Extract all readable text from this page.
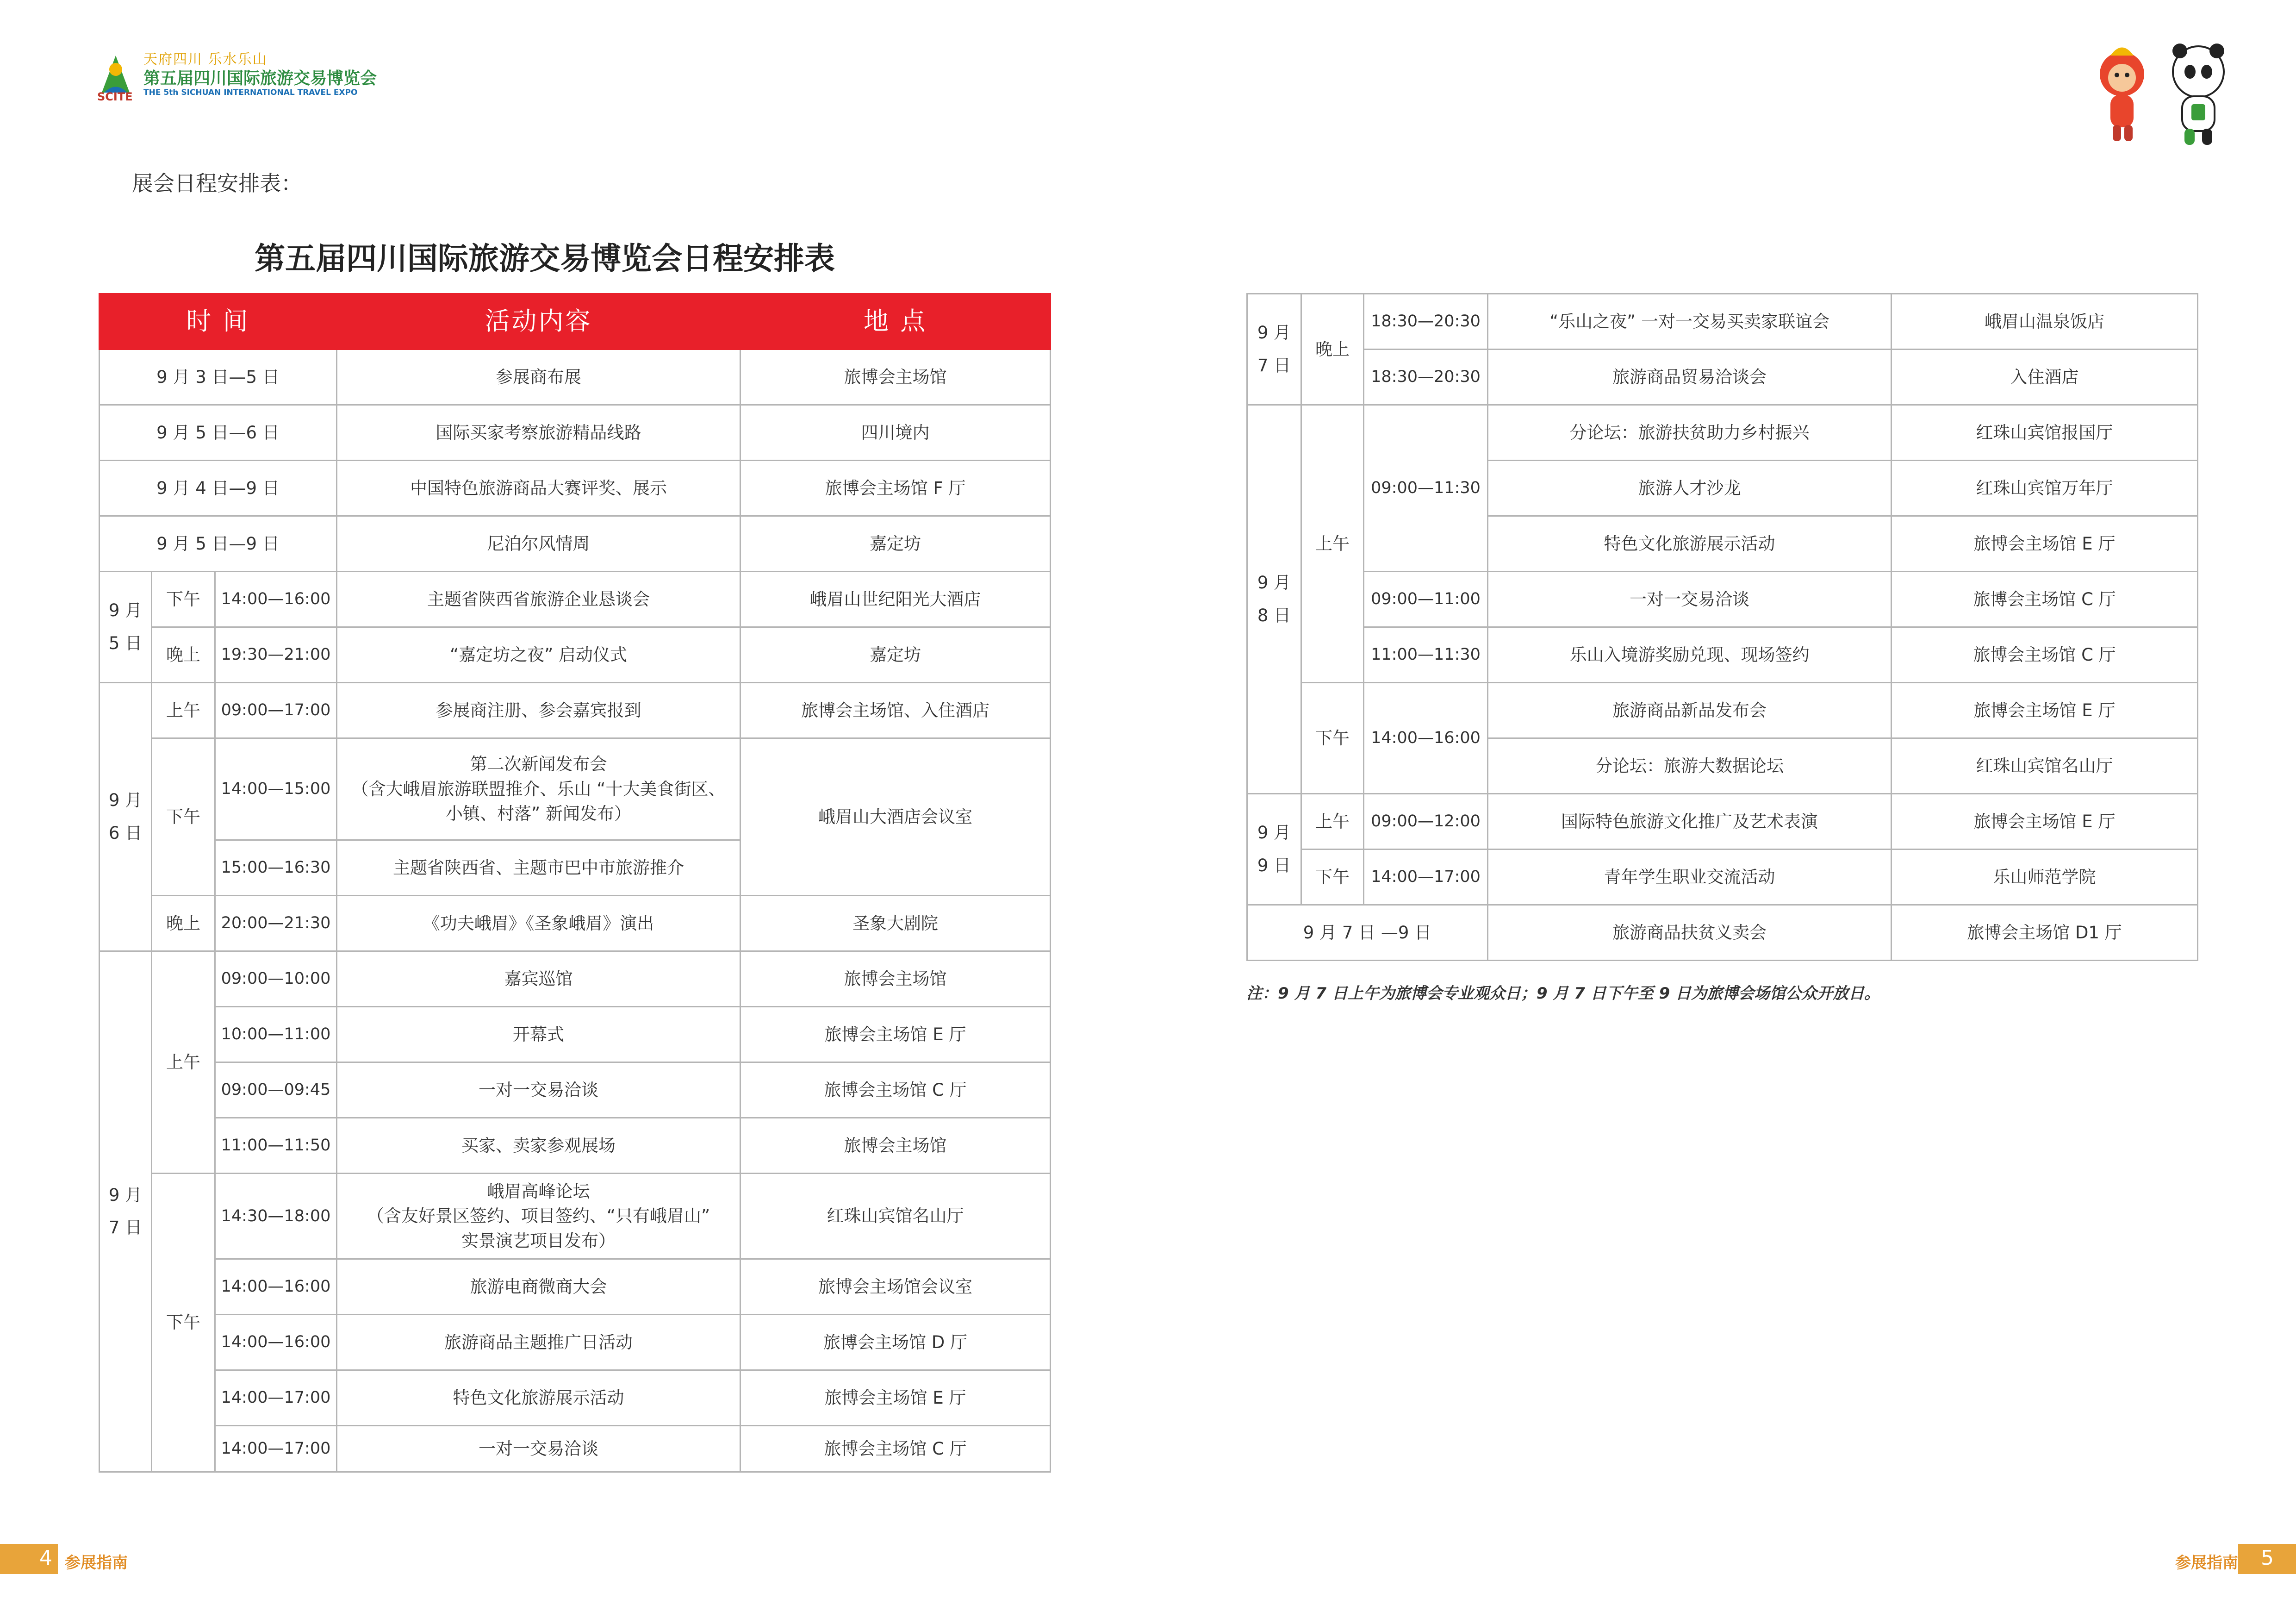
天府四川 乐水乐山
第五届四川国际旅游交易博览会
THE 5th SICHUAN INTERNATIONAL TRAVEL EXPO
SCITE
展会日程安排表：
第五届四川国际旅游交易博览会日程安排表
时 间			活动内容	地 点
9 月 3 日—5 日			参展商布展	旅博会主场馆
9 月 5 日—6 日			国际买家考察旅游精品线路	四川境内
9 月 4 日—9 日			中国特色旅游商品大赛评奖、展示	旅博会主场馆 F 厅
9 月 5 日—9 日			尼泊尔风情周	嘉定坊
9 月 5 日	下午	14:00—16:00	主题省陕西省旅游企业恳谈会	峨眉山世纪阳光大酒店
	晚上	19:30—21:00	“嘉定坊之夜” 启动仪式	嘉定坊
9 月 6 日	上午	09:00—17:00	参展商注册、参会嘉宾报到	旅博会主场馆、入住酒店
	下午	14:00—15:00	第二次新闻发布会
（含大峨眉旅游联盟推介、乐山 “十大美食街区、
小镇、村落” 新闻发布）	峨眉山大酒店会议室
		15:00—16:30	主题省陕西省、主题市巴中市旅游推介	
	晚上	20:00—21:30	《功夫峨眉》《圣象峨眉》演出	圣象大剧院
9 月 7 日	上午	09:00—10:00	嘉宾巡馆	旅博会主场馆
		10:00—11:00	开幕式	旅博会主场馆 E 厅
		09:00—09:45	一对一交易洽谈	旅博会主场馆 C 厅
		11:00—11:50	买家、卖家参观展场	旅博会主场馆
	下午	14:30—18:00	峨眉高峰论坛
（含友好景区签约、项目签约、“只有峨眉山”
实景演艺项目发布）	红珠山宾馆名山厅
		14:00—16:00	旅游电商微商大会	旅博会主场馆会议室
		14:00—16:00	旅游商品主题推广日活动	旅博会主场馆 D 厅
		14:00—17:00	特色文化旅游展示活动	旅博会主场馆 E 厅
		14:00—17:00	一对一交易洽谈	旅博会主场馆 C 厅
9 月 7 日	晚上	18:30—20:30	“乐山之夜” 一对一交易买卖家联谊会	峨眉山温泉饭店
		18:30—20:30	旅游商品贸易洽谈会	入住酒店
9 月 8 日	上午	09:00—11:30	分论坛：旅游扶贫助力乡村振兴	红珠山宾馆报国厅
			旅游人才沙龙	红珠山宾馆万年厅
			特色文化旅游展示活动	旅博会主场馆 E 厅
		09:00—11:00	一对一交易洽谈	旅博会主场馆 C 厅
		11:00—11:30	乐山入境游奖励兑现、现场签约	旅博会主场馆 C 厅
	下午	14:00—16:00	旅游商品新品发布会	旅博会主场馆 E 厅
			分论坛：旅游大数据论坛	红珠山宾馆名山厅
9 月 9 日	上午	09:00—12:00	国际特色旅游文化推广及艺术表演	旅博会主场馆 E 厅
	下午	14:00—17:00	青年学生职业交流活动	乐山师范学院
9 月 7 日 —9 日			旅游商品扶贫义卖会	旅博会主场馆 D1 厅
注：9 月 7 日上午为旅博会专业观众日；9 月 7 日下午至 9 日为旅博会场馆公众开放日。
4 参展指南	5
参展指南
